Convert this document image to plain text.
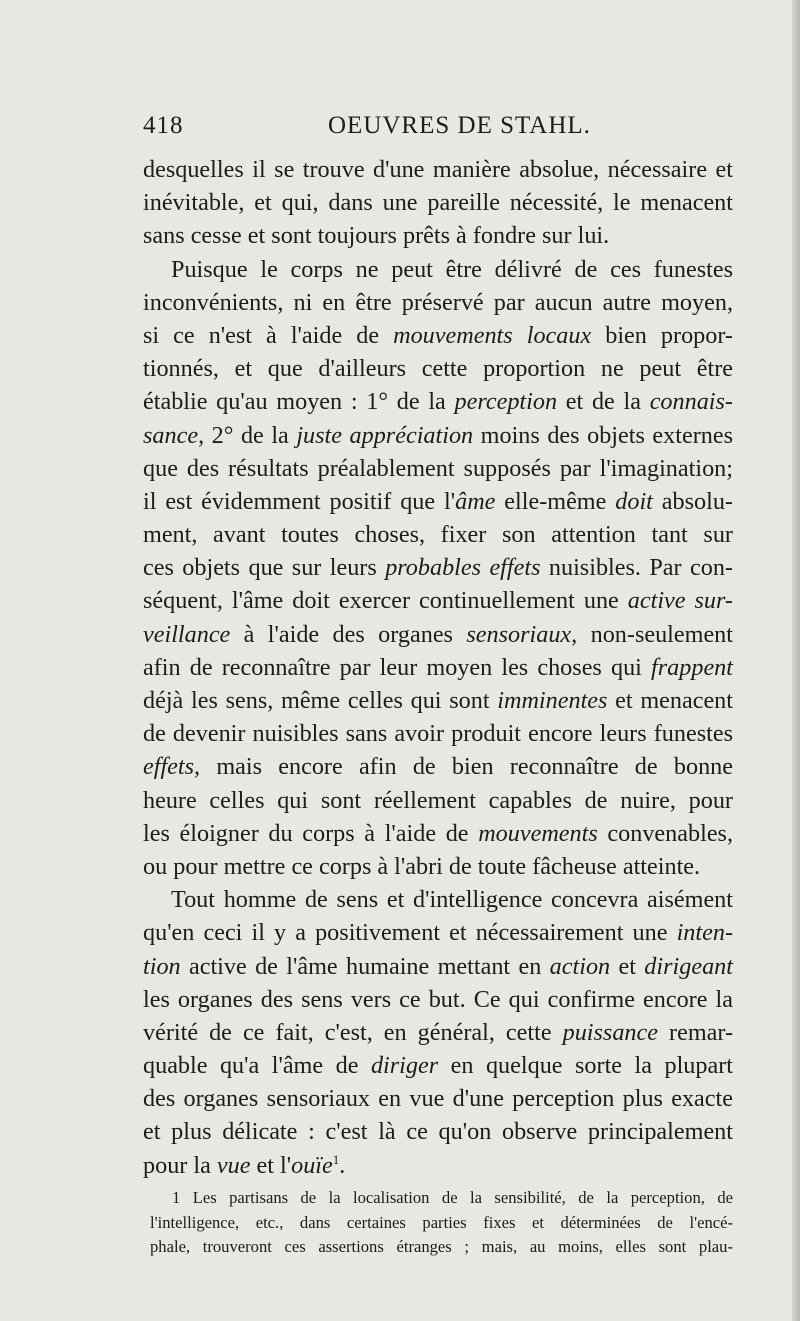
418	OEUVRES DE STAHL.
desquelles il se trouve d'une manière absolue, nécessaire et
inévitable, et qui, dans une pareille nécessité, le menacent
sans cesse et sont toujours prêts à fondre sur lui.
Puisque le corps ne peut être délivré de ces funestes
inconvénients, ni en être préservé par aucun autre moyen,
si ce n'est à l'aide de mouvements locaux bien propor-
tionnés, et que d'ailleurs cette proportion ne peut être
établie qu'au moyen : 1° de la perception et de la connais-
sance, 2° de la juste appréciation moins des objets externes
que des résultats préalablement supposés par l'imagination;
il est évidemment positif que l'âme elle-même doit absolu-
ment, avant toutes choses, fixer son attention tant sur
ces objets que sur leurs probables effets nuisibles. Par con-
séquent, l'âme doit exercer continuellement une active sur-
veillance à l'aide des organes sensoriaux, non-seulement
afin de reconnaître par leur moyen les choses qui frappent
déjà les sens, même celles qui sont imminentes et menacent
de devenir nuisibles sans avoir produit encore leurs funestes
effets, mais encore afin de bien reconnaître de bonne
heure celles qui sont réellement capables de nuire, pour
les éloigner du corps à l'aide de mouvements convenables,
ou pour mettre ce corps à l'abri de toute fâcheuse atteinte.
Tout homme de sens et d'intelligence concevra aisément
qu'en ceci il y a positivement et nécessairement une inten-
tion active de l'âme humaine mettant en action et dirigeant
les organes des sens vers ce but. Ce qui confirme encore la
vérité de ce fait, c'est, en général, cette puissance remar-
quable qu'a l'âme de diriger en quelque sorte la plupart
des organes sensoriaux en vue d'une perception plus exacte
et plus délicate : c'est là ce qu'on observe principalement
pour la vue et l'ouïe$^1$.
1 Les partisans de la localisation de la sensibilité, de la perception, de
l'intelligence, etc., dans certaines parties fixes et déterminées de l'encé-
phale, trouveront ces assertions étranges ; mais, au moins, elles sont plau-
